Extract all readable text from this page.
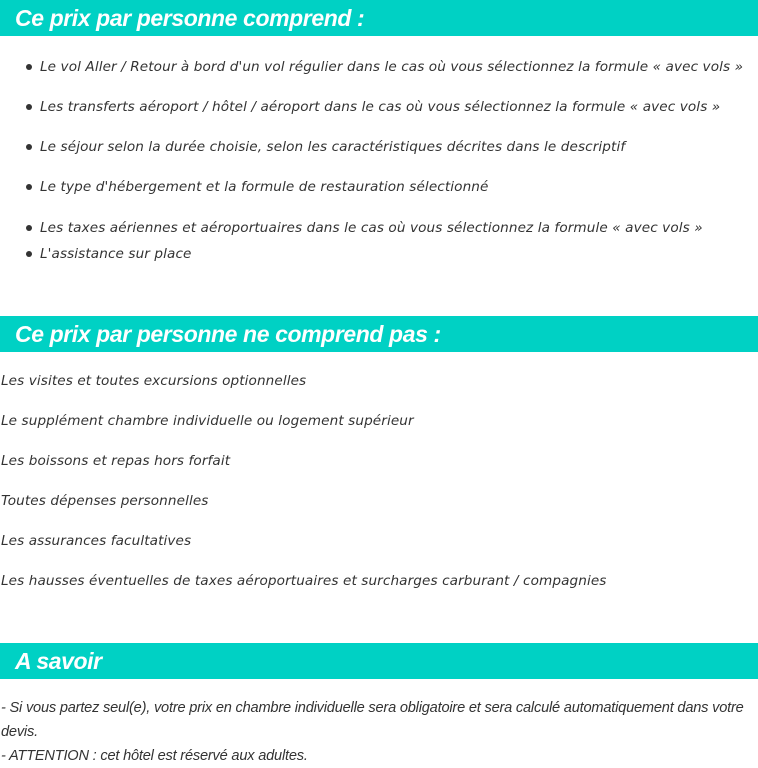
Ce prix par personne comprend :
Le vol Aller / Retour à bord d'un vol régulier dans le cas où vous sélectionnez la formule « avec vols »
Les transferts aéroport / hôtel / aéroport dans le cas où vous sélectionnez la formule « avec vols »
Le séjour selon la durée choisie, selon les caractéristiques décrites dans le descriptif
Le type d'hébergement et la formule de restauration sélectionné
Les taxes aériennes et aéroportuaires dans le cas où vous sélectionnez la formule « avec vols »
L'assistance sur place
Ce prix par personne ne comprend pas :
Les visites et toutes excursions optionnelles
Le supplément chambre individuelle ou logement supérieur
Les boissons et repas hors forfait
Toutes dépenses personnelles
Les assurances facultatives
Les hausses éventuelles de taxes aéroportuaires et surcharges carburant / compagnies
A savoir
- Si vous partez seul(e), votre prix en chambre individuelle sera obligatoire et sera calculé automatiquement dans votre devis.
- ATTENTION : cet hôtel est réservé aux adultes.
